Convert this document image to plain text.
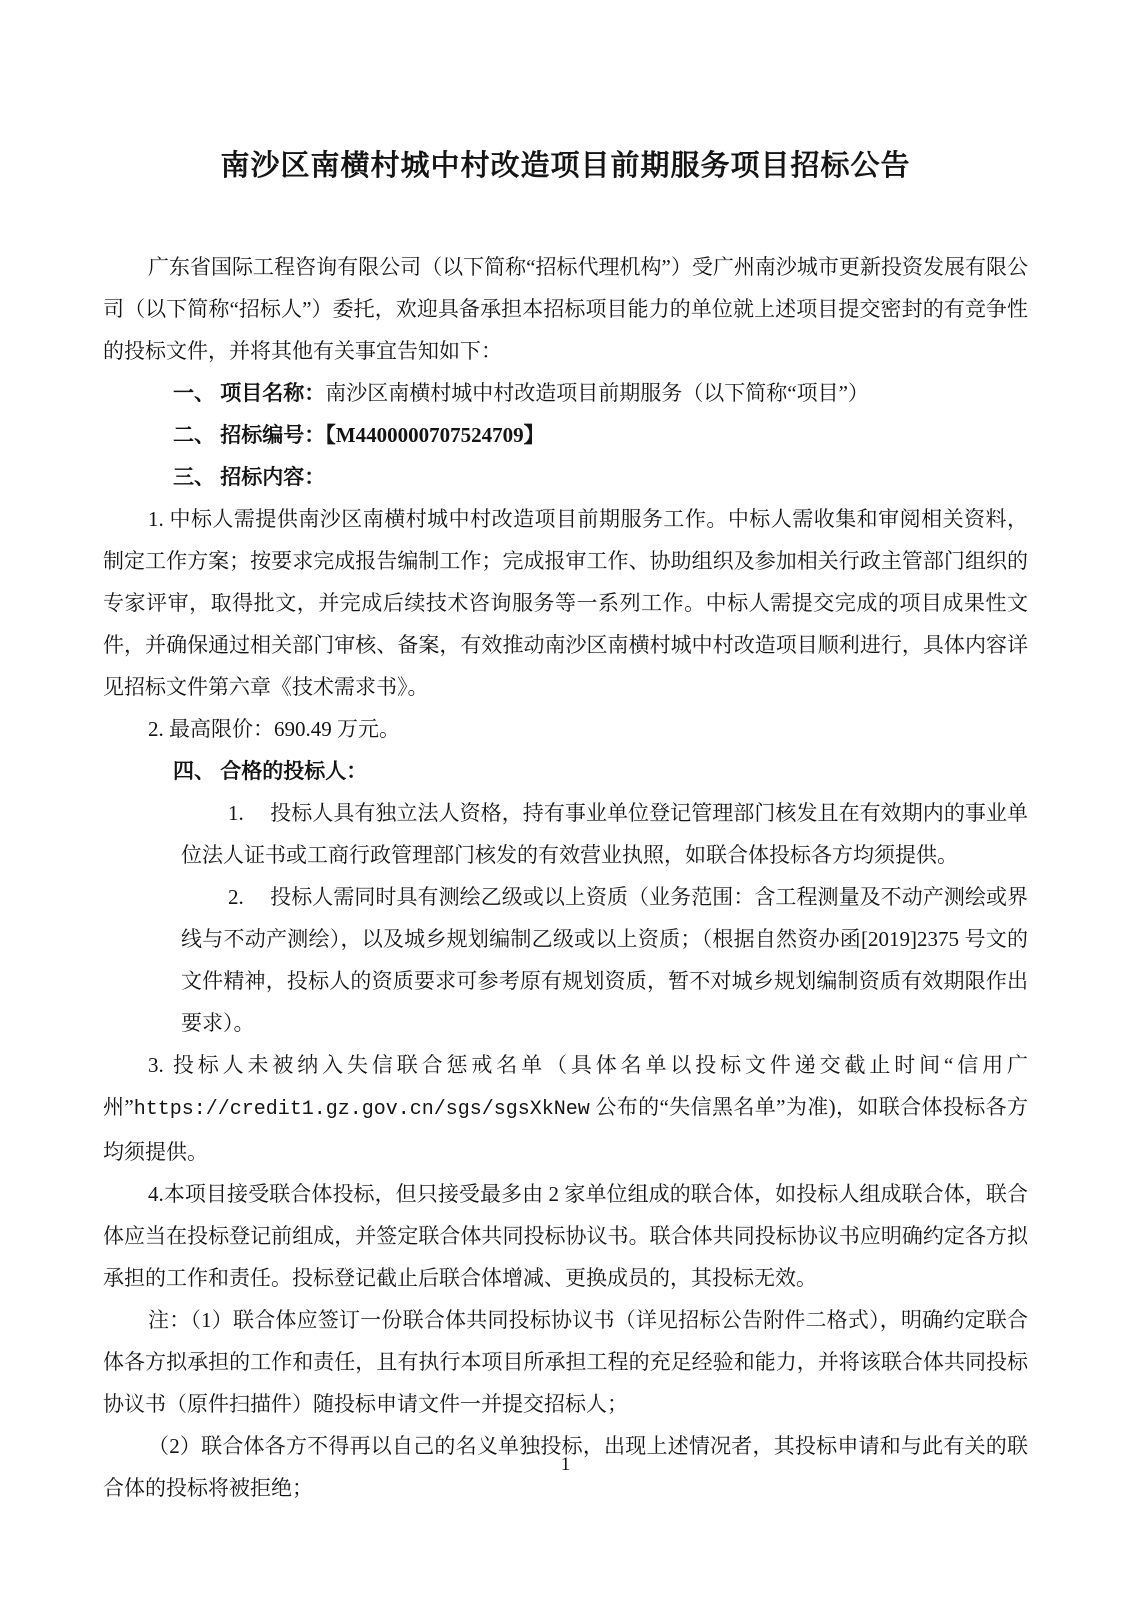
南沙区南横村城中村改造项目前期服务项目招标公告

广东省国际工程咨询有限公司（以下简称“招标代理机构”）受广州南沙城市更新投资发展有限公司（以下简称“招标人”）委托，欢迎具备承担本招标项目能力的单位就上述项目提交密封的有竞争性的投标文件，并将其他有关事宜告知如下：

一、 项目名称：南沙区南横村城中村改造项目前期服务（以下简称“项目”）

二、 招标编号：【M4400000707524709】

三、 招标内容：

1. 中标人需提供南沙区南横村城中村改造项目前期服务工作。中标人需收集和审阅相关资料，制定工作方案；按要求完成报告编制工作；完成报审工作、协助组织及参加相关行政主管部门组织的专家评审，取得批文，并完成后续技术咨询服务等一系列工作。中标人需提交完成的项目成果性文件，并确保通过相关部门审核、备案，有效推动南沙区南横村城中村改造项目顺利进行，具体内容详见招标文件第六章《技术需求书》。

2. 最高限价：690.49 万元。

四、 合格的投标人：

1.　 投标人具有独立法人资格，持有事业单位登记管理部门核发且在有效期内的事业单位法人证书或工商行政管理部门核发的有效营业执照，如联合体投标各方均须提供。

2.　 投标人需同时具有测绘乙级或以上资质（业务范围：含工程测量及不动产测绘或界线与不动产测绘），以及城乡规划编制乙级或以上资质；（根据自然资办函[2019]2375 号文的文件精神，投标人的资质要求可参考原有规划资质，暂不对城乡规划编制资质有效期限作出要求）。

3. 投标人未被纳入失信联合惩戒名单（具体名单以投标文件递交截止时间“信用广州”https://credit1.gz.gov.cn/sgs/sgsXkNew 公布的“失信黑名单”为准)，如联合体投标各方均须提供。

4.本项目接受联合体投标，但只接受最多由 2 家单位组成的联合体，如投标人组成联合体，联合体应当在投标登记前组成，并签定联合体共同投标协议书。联合体共同投标协议书应明确约定各方拟承担的工作和责任。投标登记截止后联合体增减、更换成员的，其投标无效。

注：（1）联合体应签订一份联合体共同投标协议书（详见招标公告附件二格式），明确约定联合体各方拟承担的工作和责任，且有执行本项目所承担工程的充足经验和能力，并将该联合体共同投标协议书（原件扫描件）随投标申请文件一并提交招标人；

（2）联合体各方不得再以自己的名义单独投标，出现上述情况者，其投标申请和与此有关的联合体的投标将被拒绝；

1
